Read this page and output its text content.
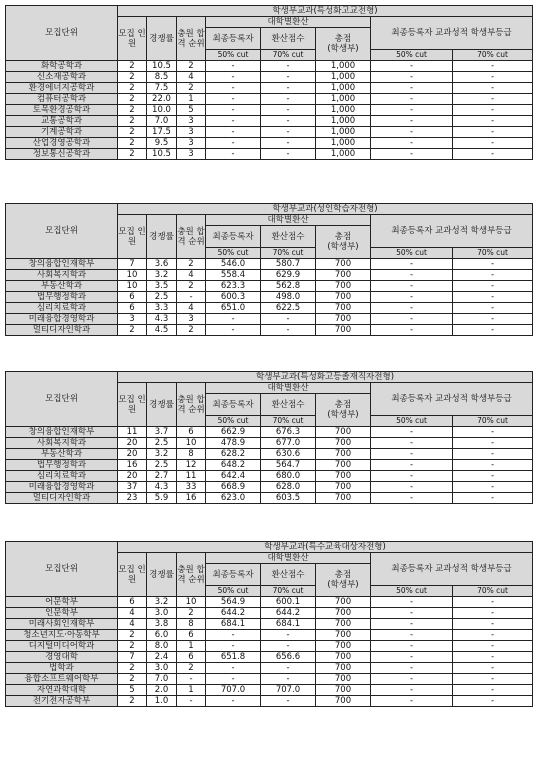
모집단위	학생부교과(특성화고교전형)							
	모집 인원	경쟁률	충원 합격 순위	대학별환산			최종등록자 교과성적 학생부등급	
				최종등록자	환산점수	총점
(학생부)		

				50% cut	70% cut		50% cut	70% cut
화학공학과	2	10.5	2	-	-	1,000	-	-
신소재공학과	2	8.5	4	-	-	1,000	-	-
환경에너지공학과	2	7.5	2	-	-	1,000	-	-
컴퓨터공학과	2	22.0	1	-	-	1,000	-	-
토목환경공학과	2	10.0	5	-	-	1,000	-	-
교통공학과	2	7.0	3	-	-	1,000	-	-
기계공학과	2	17.5	3	-	-	1,000	-	-
산업경영공학과	2	9.5	3	-	-	1,000	-	-
정보통신공학과	2	10.5	3	-	-	1,000	-	-
모집단위	학생부교과(성인학습자전형)							
	모집 인원	경쟁률	충원 합격 순위	대학별환산			최종등록자 교과성적 학생부등급	
				최종등록자	환산점수	총점
(학생부)		

				50% cut	70% cut		50% cut	70% cut
창의융합인재학부	7	3.6	2	546.0	580.7	700	-	-
사회복지학과	10	3.2	4	558.4	629.9	700	-	-
부동산학과	10	3.5	2	623.3	562.8	700	-	-
법무행정학과	6	2.5	-	600.3	498.0	700	-	-
심리치료학과	6	3.3	4	651.0	622.5	700	-	-
미래융합경영학과	3	4.3	3	-	-	700	-	-
멀티디자인학과	2	4.5	2	-	-	700	-	-
모집단위	학생부교과(특성화고등졸재직자전형)							
	모집 인원	경쟁률	충원 합격 순위	대학별환산			최종등록자 교과성적 학생부등급	
				최종등록자	환산점수	총점
(학생부)		

				50% cut	70% cut		50% cut	70% cut
창의융합인재학부	11	3.7	6	662.9	676.3	700	-	-
사회복지학과	20	2.5	10	478.9	677.0	700	-	-
부동산학과	20	3.2	8	628.2	630.6	700	-	-
법무행정학과	16	2.5	12	648.2	564.7	700	-	-
심리치료학과	20	2.7	11	642.4	680.0	700	-	-
미래융합경영학과	37	4.3	33	668.9	628.0	700	-	-
멀티디자인학과	23	5.9	16	623.0	603.5	700	-	-
모집단위	학생부교과(특수교육대상자전형)							
	모집 인원	경쟁률	충원 합격 순위	대학별환산			최종등록자 교과성적 학생부등급	
				최종등록자	환산점수	총점
(학생부)		

				50% cut	70% cut		50% cut	70% cut
어문학부	6	3.2	10	564.9	600.1	700	-	-
인문학부	4	3.0	2	644.2	644.2	700	-	-
미래사회인재학부	4	3.8	8	684.1	684.1	700	-	-
청소년지도·아동학부	2	6.0	6	-	-	700	-	-
디지털미디어학과	2	8.0	1	-	-	700	-	-
경영대학	7	2.4	6	651.8	656.6	700	-	-
법학과	2	3.0	2	-	-	700	-	-
융합소프트웨어학부	2	7.0	-	-	-	700	-	-
자연과학대학	5	2.0	1	707.0	707.0	700	-	-
전기전자공학부	2	1.0	-	-	-	700	-	-
